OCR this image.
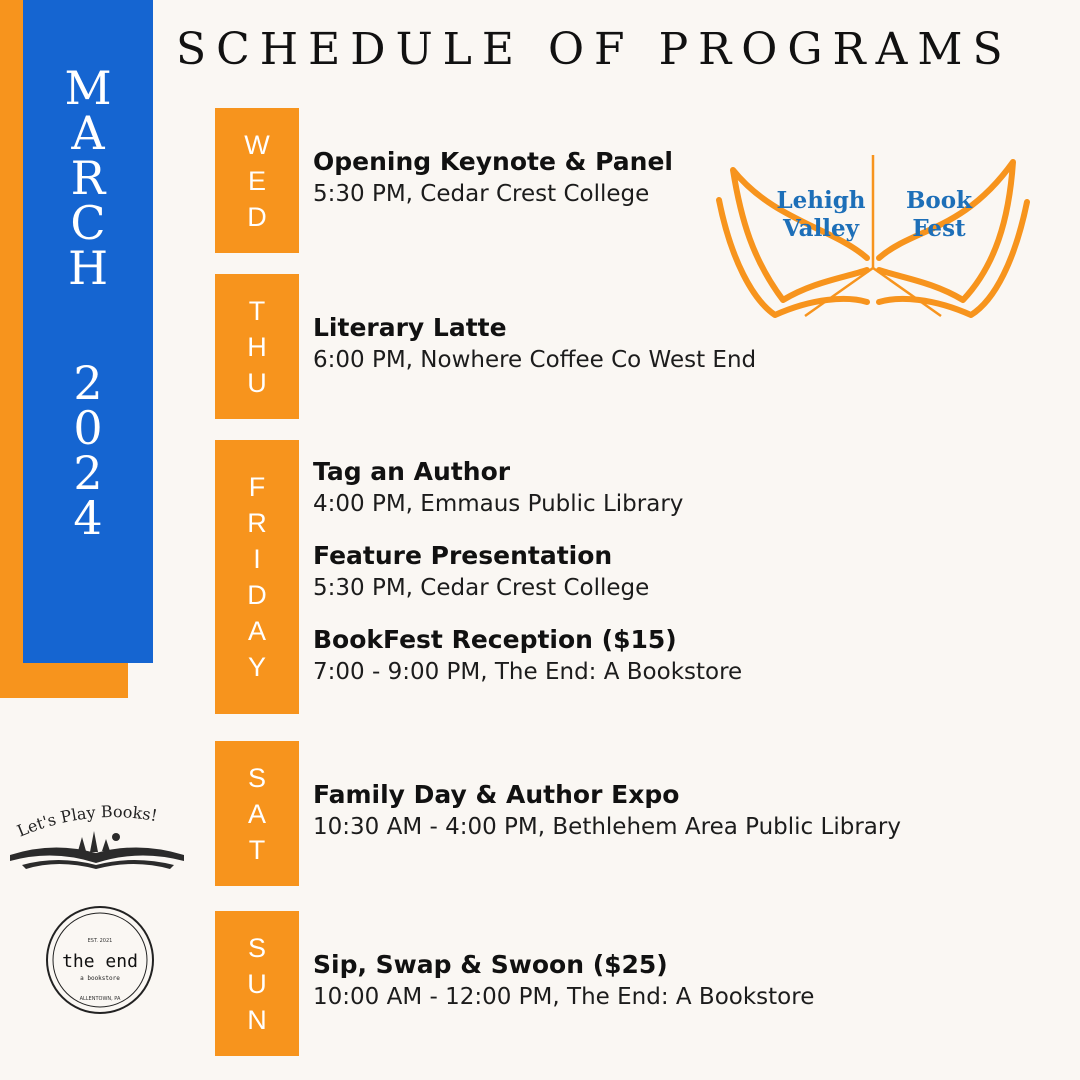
M
A
R
C
H
2
0
2
4
SCHEDULE OF PROGRAMS
W
E
D
Opening Keynote & Panel
5:30 PM, Cedar Crest College
T
H
U
Literary Latte
6:00 PM, Nowhere Coffee Co West End
F
R
I
D
A
Y
Tag an Author
4:00 PM, Emmaus Public Library
Feature Presentation
5:30 PM, Cedar Crest College
BookFest Reception ($15)
7:00 - 9:00 PM, The End: A Bookstore
S
A
T
Family Day & Author Expo
10:30 AM - 4:00 PM, Bethlehem Area Public Library
S
U
N
Sip, Swap & Swoon ($25)
10:00 AM - 12:00 PM, The End: A Bookstore
Lehigh
Valley
Book
Fest
Let's Play Books!
EST. 2021
the end
a bookstore
ALLENTOWN, PA
